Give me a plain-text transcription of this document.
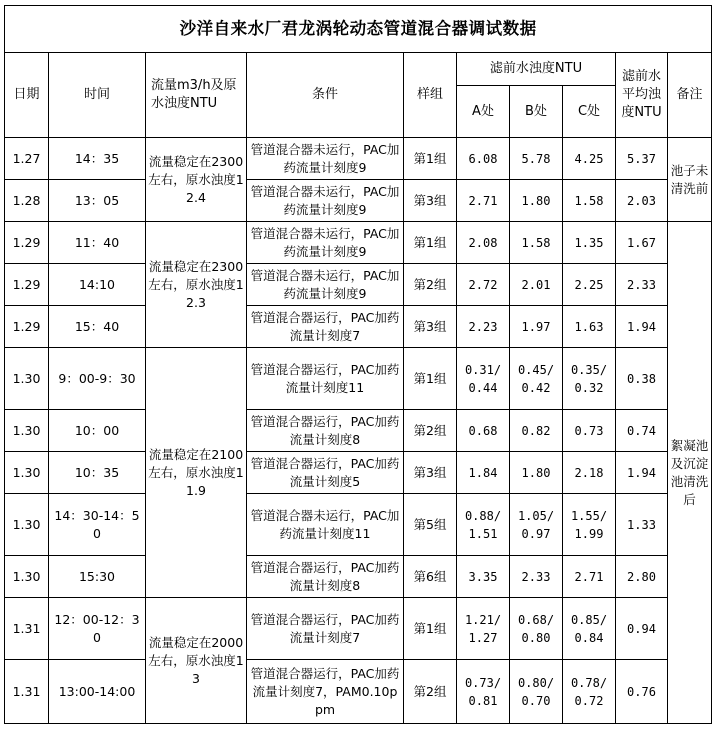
沙洋自来水厂君龙涡轮动态管道混合器调试数据									
日期	时间	流量m3/h及原水浊度NTU	条件	样组	滤前水浊度NTU			滤前水平均浊度NTU	备注
					A处	B处	C处		
1.27	14：35	流量稳定在2300左右，原水浊度12.4	管道混合器未运行，PAC加药流量计刻度9	第1组	6.08	5.78	4.25	5.37	池子未清洗前
1.28	13：05		管道混合器未运行，PAC加药流量计刻度9	第3组	2.71	1.80	1.58	2.03	
1.29	11：40	流量稳定在2300左右，原水浊度12.3	管道混合器未运行，PAC加药流量计刻度9	第1组	2.08	1.58	1.35	1.67	絮凝池及沉淀池清洗后
1.29	14:10		管道混合器未运行，PAC加药流量计刻度9	第2组	2.72	2.01	2.25	2.33	
1.29	15：40		管道混合器运行，PAC加药流量计刻度7	第3组	2.23	1.97	1.63	1.94	
1.30	9：00-9：30	流量稳定在2100左右，原水浊度11.9	管道混合器运行，PAC加药流量计刻度11	第1组	0.31/0.44	0.45/0.42	0.35/0.32	0.38	
1.30	10：00		管道混合器运行，PAC加药流量计刻度8	第2组	0.68	0.82	0.73	0.74	
1.30	10：35		管道混合器运行，PAC加药流量计刻度5	第3组	1.84	1.80	2.18	1.94	
1.30	14：30-14：50		管道混合器未运行，PAC加药流量计刻度11	第5组	0.88/1.51	1.05/0.97	1.55/1.99	1.33	
1.30	15:30		管道混合器运行，PAC加药流量计刻度8	第6组	3.35	2.33	2.71	2.80	
1.31	12：00-12：30	流量稳定在2000左右，原水浊度13	管道混合器运行，PAC加药流量计刻度7	第1组	1.21/1.27	0.68/0.80	0.85/0.84	0.94	
1.31	13:00-14:00		管道混合器运行，PAC加药流量计刻度7，PAM0.10ppm	第2组	0.73/0.81	0.80/0.70	0.78/0.72	0.76	
